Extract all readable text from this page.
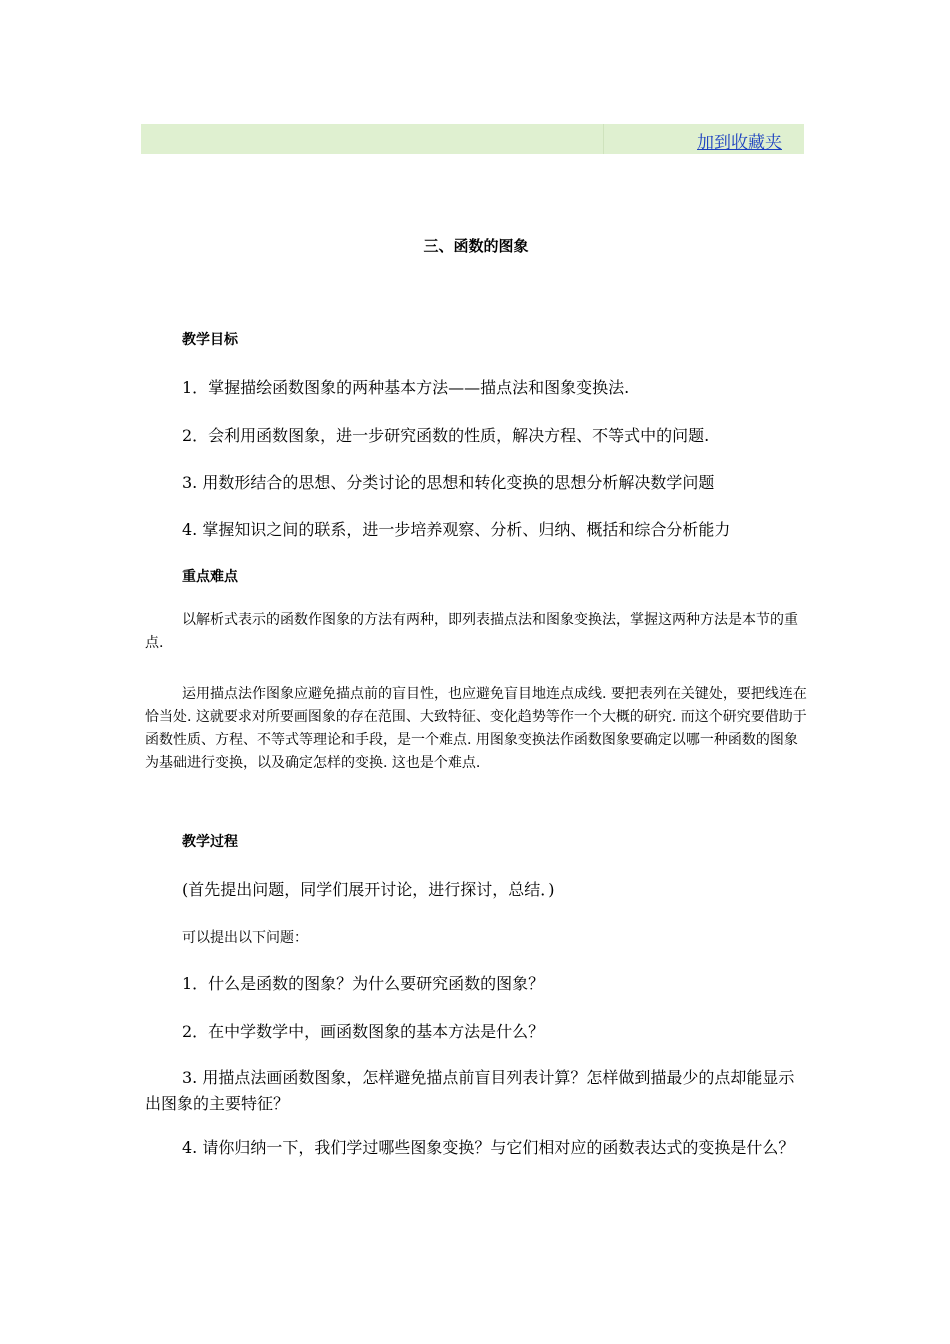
加到收藏夹
三、函数的图象
教学目标
1．掌握描绘函数图象的两种基本方法——描点法和图象变换法.
2．会利用函数图象，进一步研究函数的性质，解决方程、不等式中的问题.
3. 用数形结合的思想、分类讨论的思想和转化变换的思想分析解决数学问题
4. 掌握知识之间的联系，进一步培养观察、分析、归纳、概括和综合分析能力
重点难点
以解析式表示的函数作图象的方法有两种，即列表描点法和图象变换法，掌握这两种方法是本节的重点.
运用描点法作图象应避免描点前的盲目性，也应避免盲目地连点成线. 要把表列在关键处，要把线连在恰当处. 这就要求对所要画图象的存在范围、大致特征、变化趋势等作一个大概的研究. 而这个研究要借助于函数性质、方程、不等式等理论和手段，是一个难点. 用图象变换法作函数图象要确定以哪一种函数的图象为基础进行变换，以及确定怎样的变换. 这也是个难点.
教学过程
(首先提出问题，同学们展开讨论，进行探讨，总结．)
可以提出以下问题：
1．什么是函数的图象？为什么要研究函数的图象？
2．在中学数学中，画函数图象的基本方法是什么？
3. 用描点法画函数图象，怎样避免描点前盲目列表计算？怎样做到描最少的点却能显示出图象的主要特征？
4. 请你归纳一下，我们学过哪些图象变换？与它们相对应的函数表达式的变换是什么？
